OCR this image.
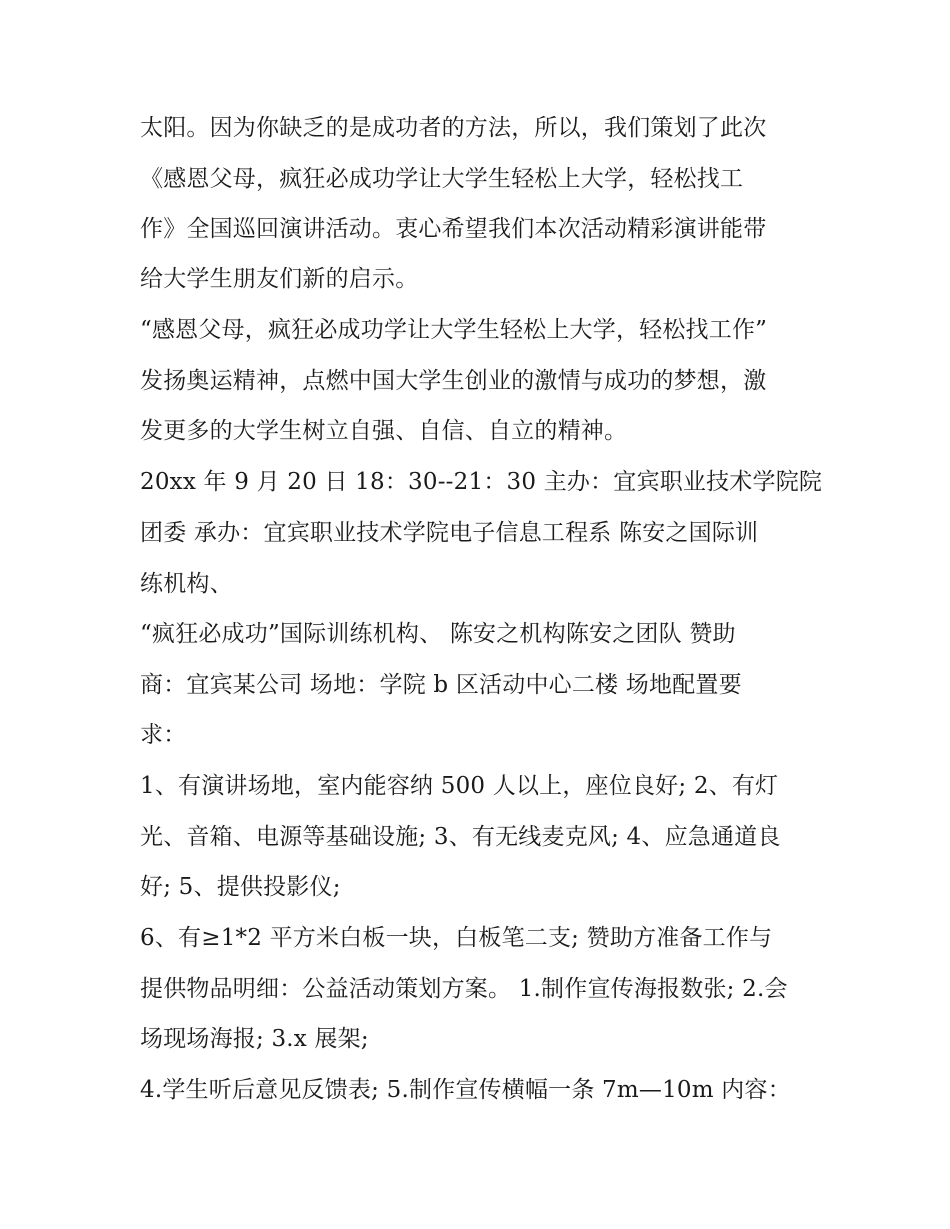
太阳。因为你缺乏的是成功者的方法，所以，我们策划了此次
《感恩父母，疯狂必成功学让大学生轻松上大学，轻松找工
作》全国巡回演讲活动。衷心希望我们本次活动精彩演讲能带
给大学生朋友们新的启示。
“感恩父母，疯狂必成功学让大学生轻松上大学，轻松找工作”
发扬奥运精神，点燃中国大学生创业的激情与成功的梦想，激
发更多的大学生树立自强、自信、自立的精神。
20xx 年 9 月 20 日 18：30--21：30 主办：宜宾职业技术学院院
团委 承办：宜宾职业技术学院电子信息工程系 陈安之国际训
练机构、
“疯狂必成功”国际训练机构、 陈安之机构陈安之团队 赞助
商：宜宾某公司 场地：学院 b 区活动中心二楼 场地配置要
求：
1、有演讲场地，室内能容纳 500 人以上，座位良好; 2、有灯
光、音箱、电源等基础设施; 3、有无线麦克风; 4、应急通道良
好; 5、提供投影仪;
6、有≥1*2 平方米白板一块，白板笔二支; 赞助方准备工作与
提供物品明细：公益活动策划方案。 1.制作宣传海报数张; 2.会
场现场海报; 3.x 展架;
4.学生听后意见反馈表; 5.制作宣传横幅一条 7m—10m 内容：
